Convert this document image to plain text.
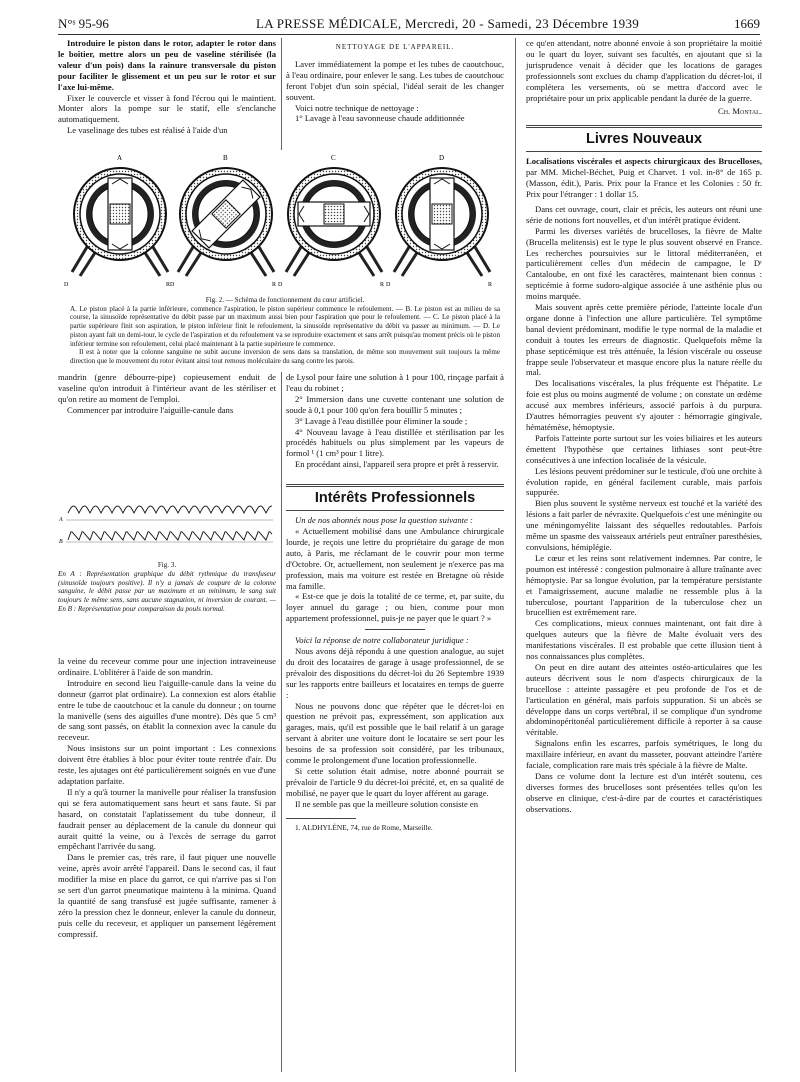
N°ˢ 95-96	LA PRESSE MÉDICALE, Mercredi, 20 - Samedi, 23 Décembre 1939	1669

Introduire le piston dans le rotor, adapter le rotor dans le boîtier, mettre alors un peu de vaseline stérilisée (la valeur d'un pois) dans la rainure transversale du piston pour faciliter le glissement et un peu sur le rotor et sur l'axe lui-même.

Fixer le couvercle et visser à fond l'écrou qui le maintient. Monter alors la pompe sur le statif, elle s'enclanche automatiquement.

Le vaselinage des tubes est réalisé à l'aide d'un

NETTOYAGE DE L'APPAREIL.

Laver immédiatement la pompe et les tubes de caoutchouc, à l'eau ordinaire, pour enlever le sang. Les tubes de caoutchouc feront l'objet d'un soin spécial, l'idéal serait de les changer souvent.

Voici notre technique de nettoyage :

1° Lavage à l'eau savonneuse chaude additionnée

A
D	R
B
D	R
C
D	R
D
D	R

Fig. 2. — Schéma de fonctionnement du cœur artificiel.

A. Le piston placé à la partie inférieure, commence l'aspiration, le piston supérieur commence le refoulement. — B. Le piston est au milieu de sa course, la sinusoïde représentative du débit passe par un maximum aussi bien pour l'aspiration que pour le refoulement. — C. Le piston placé à la partie supérieure finit son aspiration, le piston inférieur finit le refoulement, la sinusoïde représentative du débit va passer au minimum. — D. Le piston ayant fait un demi-tour, le cycle de l'aspiration et du refoulement va se reproduire exactement et sans arrêt puisqu'au moment précis où le piston inférieur termine son refoulement, celui placé maintenant à la partie supérieure le commence.

Il est à noter que la colonne sanguine ne subit aucune inversion de sens dans sa translation, de même son mouvement suit toujours la même direction que le mouvement du rotor évitant ainsi tout remous moléculaire du sang contre les parois.

mandrin (genre débourre-pipe) copieusement enduit de vaseline qu'on introduit à l'intérieur avant de les stériliser et qu'on retire au moment de l'emploi.

Commencer par introduire l'aiguille-canule dans

A
B

Fig. 3.

En A : Représentation graphique du débit rythmique du transfuseur (sinusoïde toujours positive). Il n'y a jamais de coupure de la colonne sanguine, le débit passe par un maximum et un minimum, le sang suit toujours le même sens, sans aucune stagnation, ni inversion de courant. — En B : Représentation pour comparaison du pouls normal.

la veine du receveur comme pour une injection intraveineuse ordinaire. L'oblitérer à l'aide de son mandrin.

Introduire en second lieu l'aiguille-canule dans la veine du donneur (garrot plat ordinaire). La connexion est alors établie entre le tube de caoutchouc et la canule du donneur ; on tourne la manivelle (sens des aiguilles d'une montre). Dès que 5 cm³ de sang sont passés, on établit la connexion avec la canule du receveur.

Nous insistons sur un point important : Les connexions doivent être établies à bloc pour éviter toute rentrée d'air. Du reste, les ajutages ont été particulièrement soignés en vue d'une adaptation parfaite.

Il n'y a qu'à tourner la manivelle pour réaliser la transfusion qui se fera automatiquement sans heurt et sans faute. Si par hasard, on constatait l'aplatissement du tube donneur, il faudrait penser au déplacement de la canule du donneur qui aurait quitté la veine, ou à l'excès de serrage du garrot empêchant l'arrivée du sang.

Dans le premier cas, très rare, il faut piquer une nouvelle veine, après avoir arrêté l'appareil. Dans le second cas, il faut modifier la mise en place du garrot, ce qui n'arrive pas si l'on se sert d'un garrot pneumatique maintenu à la minima. Quand la quantité de sang transfusé est jugée suffisante, ramener à zéro la pression chez le donneur, enlever la canule du donneur, puis celle du receveur, et appliquer un pansement légèrement compressif.

de Lysol pour faire une solution à 1 pour 100, rinçage parfait à l'eau du robinet ;

2° Immersion dans une cuvette contenant une solution de soude à 0,1 pour 100 qu'on fera bouillir 5 minutes ;

3° Lavage à l'eau distillée pour éliminer la soude ;

4° Nouveau lavage à l'eau distillée et stérilisation par les procédés habituels ou plus simplement par les vapeurs de formol ¹ (1 cm³ pour 1 litre).

En procédant ainsi, l'appareil sera propre et prêt à resservir.

Intérêts Professionnels

Un de nos abonnés nous pose la question suivante :

« Actuellement mobilisé dans une Ambulance chirurgicale lourde, je reçois une lettre du propriétaire du garage de mon auto, à Paris, me réclamant de le couvrir pour mon terme d'Octobre. Or, actuellement, non seulement je n'exerce pas ma profession, mais ma voiture est restée en Bretagne où réside ma famille.

« Est-ce que je dois la totalité de ce terme, et, par suite, du loyer annuel du garage ; ou bien, comme pour mon appartement professionnel, puis-je ne payer que le quart ? »

Voici la réponse de notre collaborateur juridique :

Nous avons déjà répondu à une question analogue, au sujet du droit des locataires de garage à usage professionnel, de se prévaloir des dispositions du décret-loi du 26 Septembre 1939 sur les rapports entre bailleurs et locataires en temps de guerre :

Nous ne pouvons donc que répéter que le décret-loi en question ne prévoit pas, expressément, son application aux garages, mais, qu'il est possible que le bail relatif à un garage servant à abriter une voiture dont le locataire se sert pour les besoins de sa profession soit considéré, par les tribunaux, comme le prolongement d'une location professionnelle.

Si cette solution était admise, notre abonné pourrait se prévaloir de l'article 9 du décret-loi précité, et, en sa qualité de mobilisé, ne payer que le quart du loyer afférent au garage.

Il ne semble pas que la meilleure solution consiste en

1. ALDHYLÈNE, 74, rue de Rome, Marseille.

ce qu'en attendant, notre abonné envoie à son propriétaire la moitié ou le quart du loyer, suivant ses facultés, en ajoutant que si la jurisprudence venait à décider que les locations de garages professionnels sont exclues du champ d'application du décret-loi, il complétera les versements, où se mettra d'accord avec le propriétaire pour un prix applicable pendant la durée de la guerre.

Ch. Montal.

Livres Nouveaux

Localisations viscérales et aspects chirurgicaux des Brucelloses, par MM. Michel-Béchet, Puig et Charvet. 1 vol. in-8° de 165 p. (Masson, édit.), Paris. Prix pour la France et les Colonies : 50 fr. Prix pour l'étranger : 1 dollar 15.

Dans cet ouvrage, court, clair et précis, les auteurs ont réuni une série de notions fort nouvelles, et d'un intérêt pratique évident.

Parmi les diverses variétés de brucelloses, la fièvre de Malte (Brucella melitensis) est le type le plus souvent observé en France. Les recherches poursuivies sur le littoral méditerranéen, et particulièrement celles d'un médecin de campagne, le Dʳ Cantaloube, en ont fixé les caractères, maintenant bien connus : septicémie à forme sudoro-algique associée à une asthénie plus ou moins marquée.

Mais souvent après cette première période, l'atteinte locale d'un organe donne à l'infection une allure particulière. Tel symptôme banal devient prédominant, modifie le type normal de la maladie et conduit à toutes les erreurs de diagnostic. Quelquefois même la phase septicémique est très atténuée, la lésion viscérale ou osseuse frappe seule l'observateur et masque encore plus la nature réelle du mal.

Des localisations viscérales, la plus fréquente est l'hépatite. Le foie est plus ou moins augmenté de volume ; on constate un œdème accusé aux membres inférieurs, associé parfois à du purpura. D'autres hémorragies peuvent s'y ajouter : hémorragie gingivale, hématémèse, hémoptysie.

Parfois l'atteinte porte surtout sur les voies biliaires et les auteurs émettent l'hypothèse que certaines lithiases sont peut-être consécutives à une infection localisée de la vésicule.

Les lésions peuvent prédominer sur le testicule, d'où une orchite à évolution rapide, en général facilement curable, mais parfois suppurée.

Bien plus souvent le système nerveux est touché et la variété des lésions a fait parler de névraxite. Quelquefois c'est une méningite ou une méningomyélite laissant des séquelles redoutables. Parfois même un spasme des vaisseaux artériels peut entraîner paresthésies, convulsions, hémiplégie.

Le cœur et les reins sont relativement indemnes. Par contre, le poumon est intéressé : congestion pulmonaire à allure traînante avec hémoptysie. Par sa longue évolution, par la température persistante et l'amaigrissement, aucune maladie ne ressemble plus à la tuberculose, pourtant l'apparition de la tuberculose chez un brucellien est extrêmement rare.

Ces complications, mieux connues maintenant, ont fait dire à quelques auteurs que la fièvre de Malte évoluait vers des manifestations viscérales. Il est probable que cette illusion tient à nos connaissances plus complètes.

On peut en dire autant des atteintes ostéo-articulaires que les auteurs décrivent sous le nom d'aspects chirurgicaux de la brucellose : atteinte passagère et peu profonde de l'os et de l'articulation en général, mais parfois suppuration. Si un abcès se développe dans un corps vertébral, il se complique d'un syndrome abdominopéritonéal particulièrement difficile à reporter à sa cause véritable.

Signalons enfin les escarres, parfois symétriques, le long du maxillaire inférieur, en avant du masseter, pouvant atteindre l'artère faciale, complication rare mais très spéciale à la fièvre de Malte.

Dans ce volume dont la lecture est d'un intérêt soutenu, ces diverses formes des brucelloses sont présentées telles qu'on les observe en clinique, c'est-à-dire par de courtes et caractéristiques observations.
